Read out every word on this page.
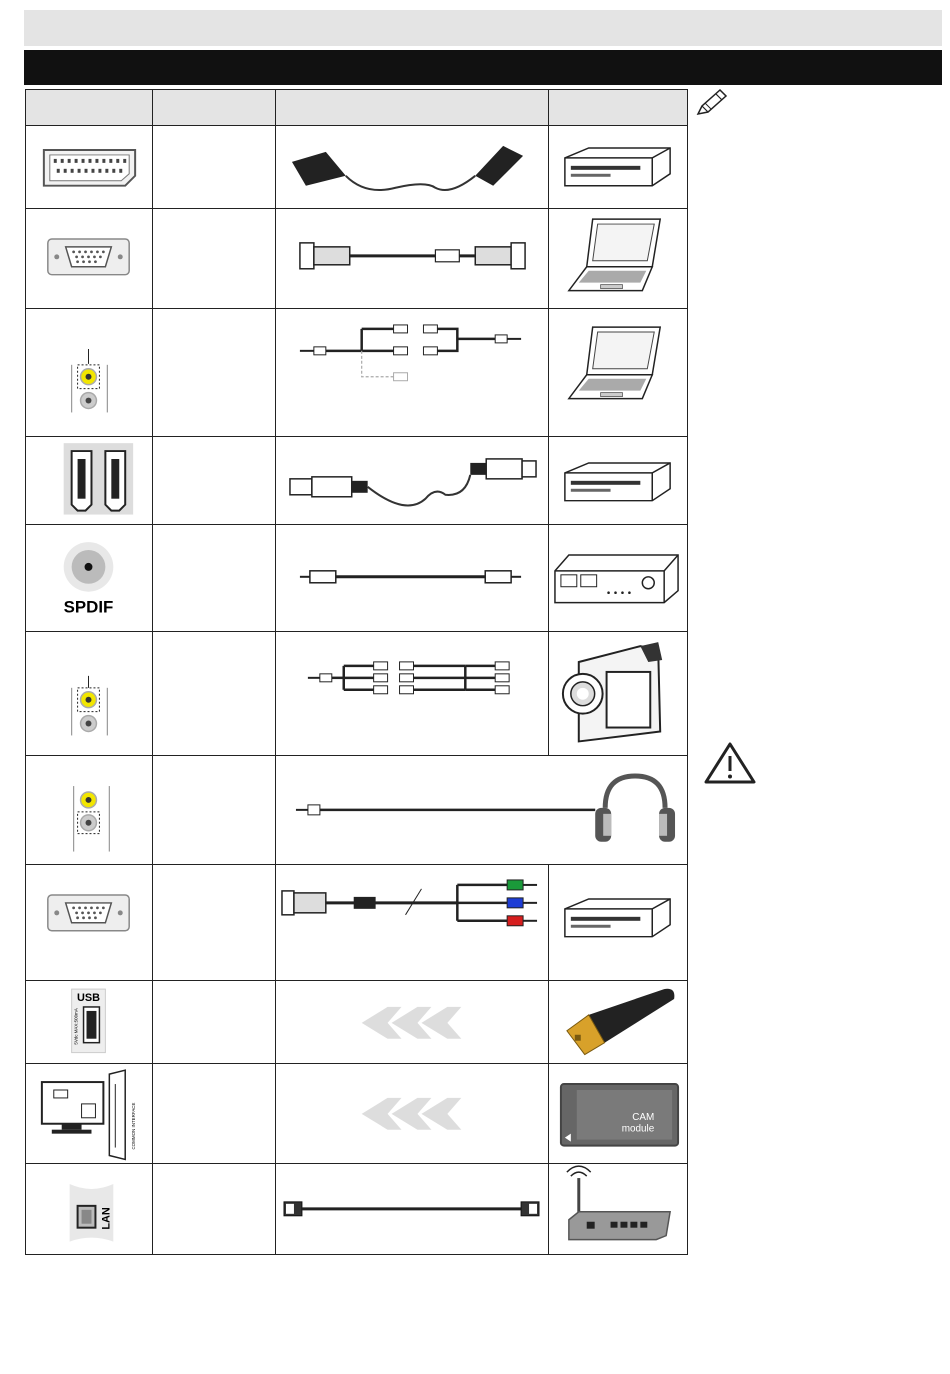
SPDIF

USB
5Vdc MAX:500mA

COMMON INTERFACE			CAM
module

LAN
